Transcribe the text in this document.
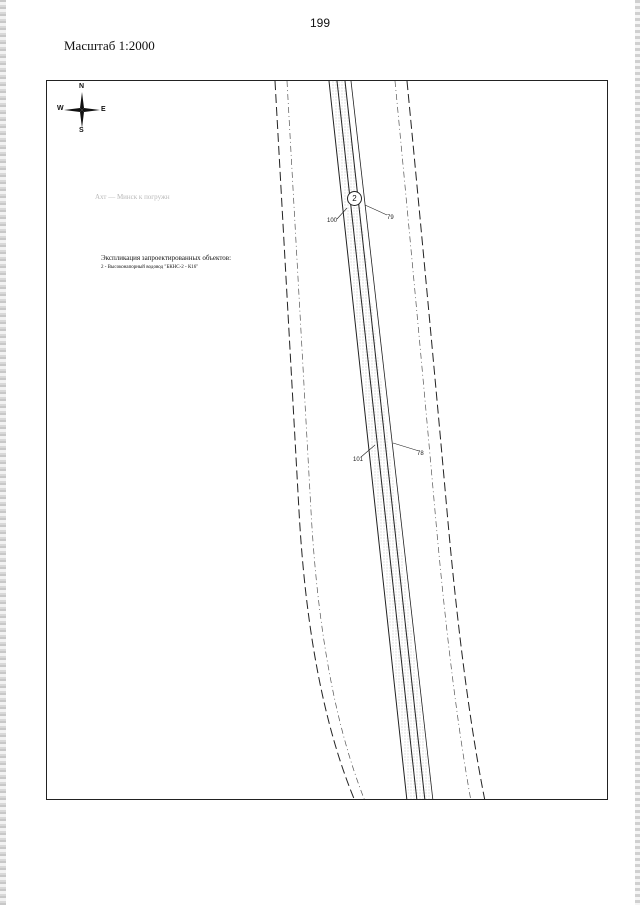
199
Масштаб 1:2000
N
S
W	E
Ахт — Минск к погружн
Экспликация запроектированных объектов:
2 - Высоконапорный водовод "БКНС-2 - К16"
2
100	79
101
78
